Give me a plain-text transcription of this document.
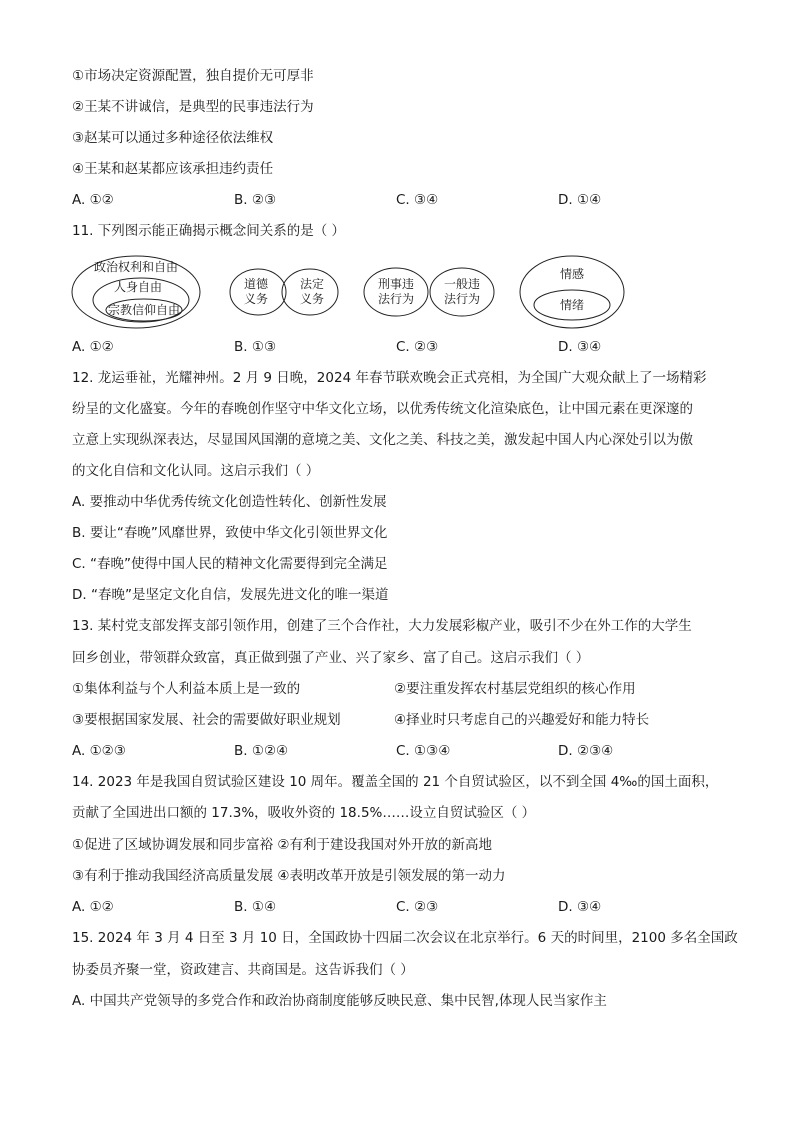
①市场决定资源配置，独自提价无可厚非
②王某不讲诚信，是典型的民事违法行为
③赵某可以通过多种途径依法维权
④王某和赵某都应该承担违约责任
A. ①②	B. ②③	C. ③④	D. ①④
11. 下列图示能正确揭示概念间关系的是（ ）
政治权利和自由
人身自由
宗教信仰自由
道德
义务
法定
义务
刑事违
法行为
一般违
法行为
情感
情绪
A. ①②	B. ①③	C. ②③	D. ③④
12. 龙运垂祉，光耀神州。2 月 9 日晚，2024 年春节联欢晚会正式亮相，为全国广大观众献上了一场精彩
纷呈的文化盛宴。今年的春晚创作坚守中华文化立场，以优秀传统文化渲染底色，让中国元素在更深邃的
立意上实现纵深表达，尽显国风国潮的意境之美、文化之美、科技之美，激发起中国人内心深处引以为傲
的文化自信和文化认同。这启示我们（ ）
A. 要推动中华优秀传统文化创造性转化、创新性发展
B. 要让“春晚”风靡世界，致使中华文化引领世界文化
C. “春晚”使得中国人民的精神文化需要得到完全满足
D. “春晚”是坚定文化自信，发展先进文化的唯一渠道
13. 某村党支部发挥支部引领作用，创建了三个合作社，大力发展彩椒产业，吸引不少在外工作的大学生
回乡创业，带领群众致富，真正做到强了产业、兴了家乡、富了自己。这启示我们（ ）
①集体利益与个人利益本质上是一致的	②要注重发挥农村基层党组织的核心作用
③要根据国家发展、社会的需要做好职业规划	④择业时只考虑自己的兴趣爱好和能力特长
A. ①②③	B. ①②④	C. ①③④	D. ②③④
14. 2023 年是我国自贸试验区建设 10 周年。覆盖全国的 21 个自贸试验区，以不到全国 4‰的国土面积，
贡献了全国进出口额的 17.3%，吸收外资的 18.5%……设立自贸试验区（ ）
①促进了区域协调发展和同步富裕 ②有利于建设我国对外开放的新高地
③有利于推动我国经济高质量发展 ④表明改革开放是引领发展的第一动力
A. ①②	B. ①④	C. ②③	D. ③④
15. 2024 年 3 月 4 日至 3 月 10 日，全国政协十四届二次会议在北京举行。6 天的时间里，2100 多名全国政
协委员齐聚一堂，资政建言、共商国是。这告诉我们（ ）
A. 中国共产党领导的多党合作和政治协商制度能够反映民意、集中民智,体现人民当家作主
